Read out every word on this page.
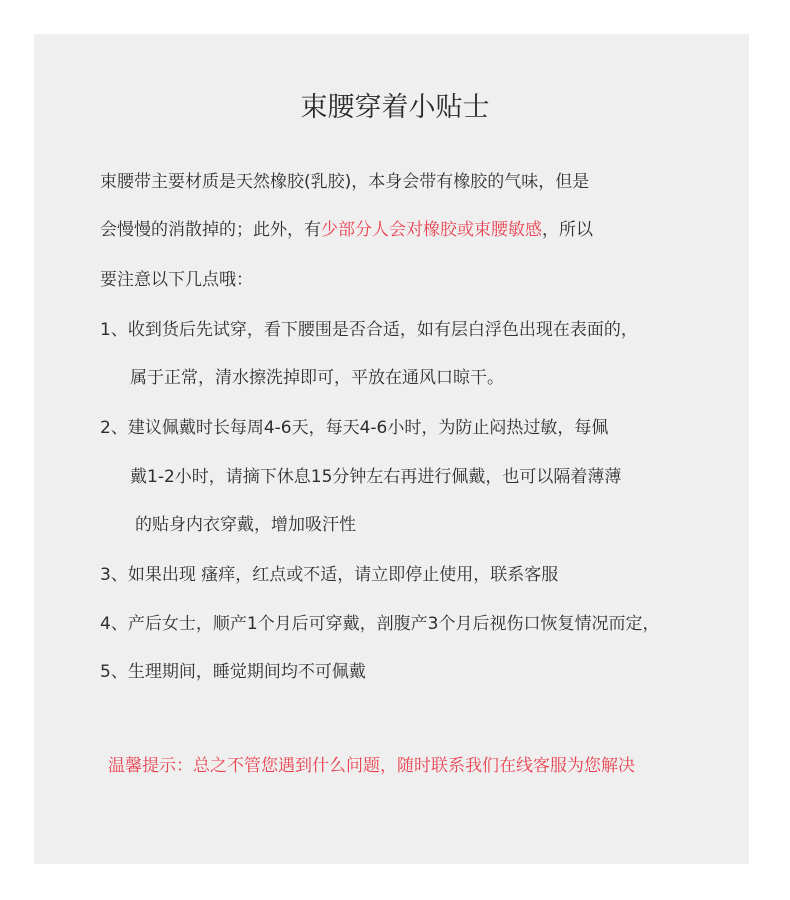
束腰穿着小贴士
束腰带主要材质是天然橡胶(乳胶)，本身会带有橡胶的气味，但是
会慢慢的消散掉的；此外，有少部分人会对橡胶或束腰敏感，所以
要注意以下几点哦：
1、收到货后先试穿，看下腰围是否合适，如有层白浮色出现在表面的，
属于正常，清水擦洗掉即可，平放在通风口晾干。
2、建议佩戴时长每周4-6天，每天4-6小时，为防止闷热过敏，每佩
戴1-2小时，请摘下休息15分钟左右再进行佩戴，也可以隔着薄薄
的贴身内衣穿戴，增加吸汗性
3、如果出现 瘙痒，红点或不适，请立即停止使用，联系客服
4、产后女士，顺产1个月后可穿戴，剖腹产3个月后视伤口恢复情况而定，
5、生理期间，睡觉期间均不可佩戴
温馨提示：总之不管您遇到什么问题，随时联系我们在线客服为您解决
